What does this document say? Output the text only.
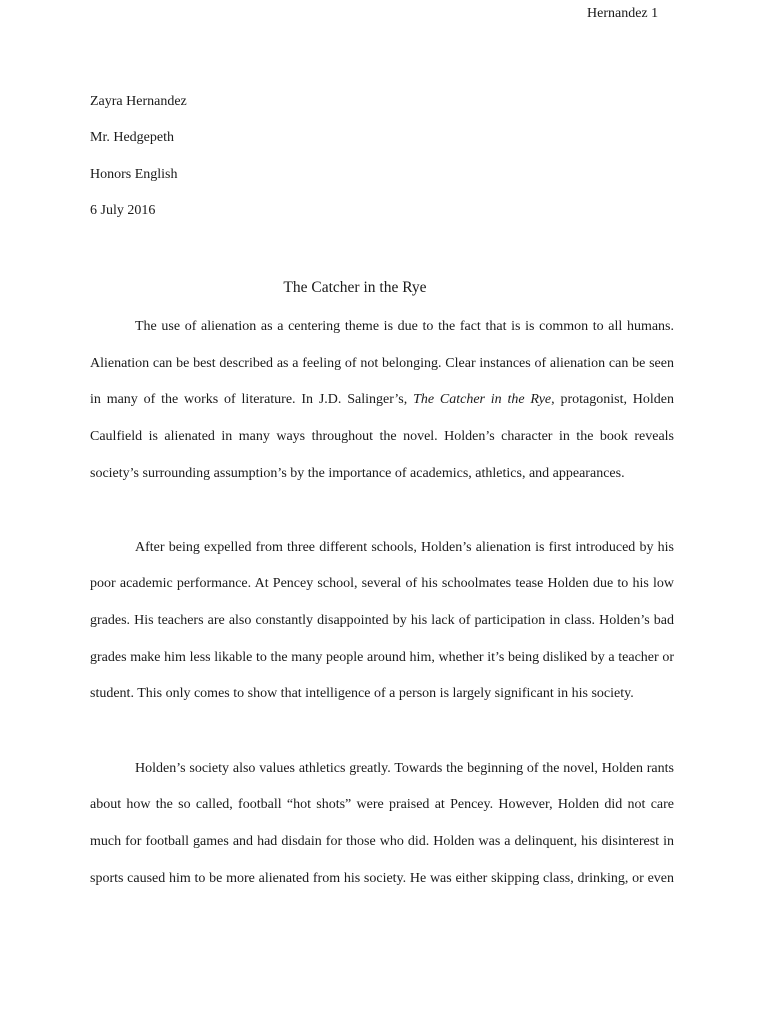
Hernandez 1
Zayra Hernandez
Mr. Hedgepeth
Honors English
6 July 2016
The Catcher in the Rye
The use of alienation as a centering theme is due to the fact that is is common to all humans.
Alienation can be best described as a feeling of not belonging. Clear instances of alienation can be seen
in many of the works of literature. In J.D. Salinger’s, The Catcher in the Rye, protagonist, Holden
Caulfield is alienated in many ways throughout the novel. Holden’s character in the book reveals
society’s surrounding assumption’s by the importance of academics, athletics, and appearances.
After being expelled from three different schools, Holden’s alienation is first introduced by his
poor academic performance. At Pencey school, several of his schoolmates tease Holden due to his low
grades. His teachers are also constantly disappointed by his lack of participation in class. Holden’s bad
grades make him less likable to the many people around him, whether it’s being disliked by a teacher or
student. This only comes to show that intelligence of a person is largely significant in his society.
Holden’s society also values athletics greatly. Towards the beginning of the novel, Holden rants
about how the so called, football “hot shots” were praised at Pencey. However, Holden did not care
much for football games and had disdain for those who did. Holden was a delinquent, his disinterest in
sports caused him to be more alienated from his society. He was either skipping class, drinking, or even
